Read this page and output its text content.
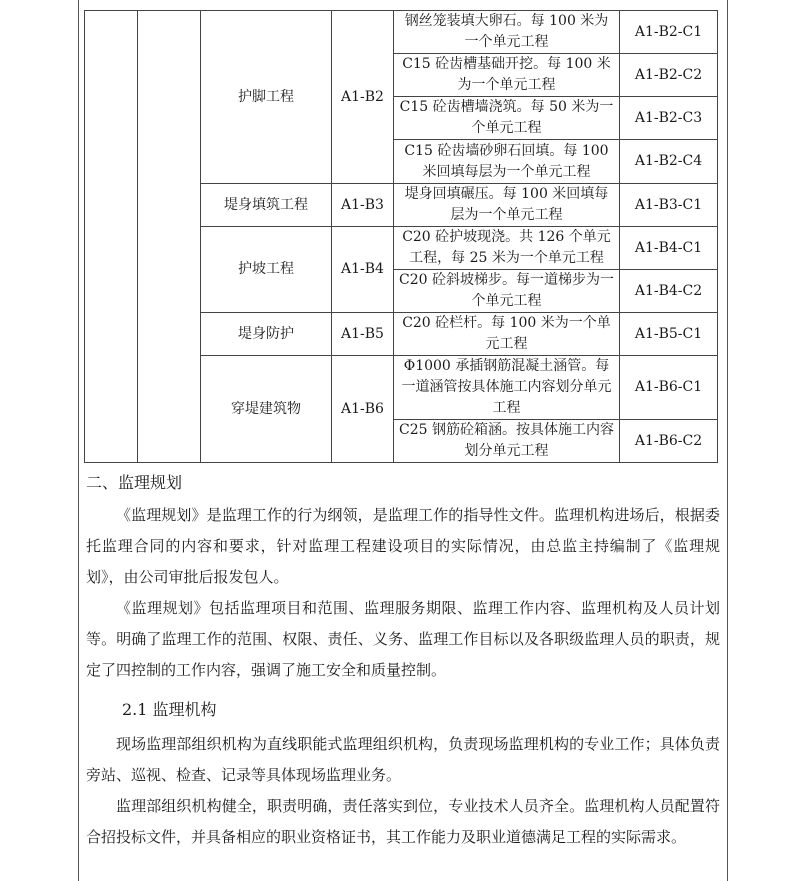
		护脚工程	A1-B2	钢丝笼装填大卵石。每 100 米为一个单元工程	A1-B2-C1
				C15 砼齿槽基础开挖。每 100 米为一个单元工程	A1-B2-C2
				C15 砼齿槽墙浇筑。每 50 米为一个单元工程	A1-B2-C3
				C15 砼齿墙砂卵石回填。每 100 米回填每层为一个单元工程	A1-B2-C4
		堤身填筑工程	A1-B3	堤身回填碾压。每 100 米回填每层为一个单元工程	A1-B3-C1
		护坡工程	A1-B4	C20 砼护坡现浇。共 126 个单元工程，每 25 米为一个单元工程	A1-B4-C1
				C20 砼斜坡梯步。每一道梯步为一个单元工程	A1-B4-C2
		堤身防护	A1-B5	C20 砼栏杆。每 100 米为一个单元工程	A1-B5-C1
		穿堤建筑物	A1-B6	Φ1000 承插钢筋混凝土涵管。每一道涵管按具体施工内容划分单元工程	A1-B6-C1
				C25 钢筋砼箱涵。按具体施工内容划分单元工程	A1-B6-C2
二、监理规划

《监理规划》是监理工作的行为纲领，是监理工作的指导性文件。监理机构进场后，根据委托监理合同的内容和要求，针对监理工程建设项目的实际情况，由总监主持编制了《监理规划》，由公司审批后报发包人。

《监理规划》包括监理项目和范围、监理服务期限、监理工作内容、监理机构及人员计划等。明确了监理工作的范围、权限、责任、义务、监理工作目标以及各职级监理人员的职责，规定了四控制的工作内容，强调了施工安全和质量控制。

2.1 监理机构

现场监理部组织机构为直线职能式监理组织机构，负责现场监理机构的专业工作；具体负责旁站、巡视、检查、记录等具体现场监理业务。

监理部组织机构健全，职责明确，责任落实到位，专业技术人员齐全。监理机构人员配置符合招投标文件，并具备相应的职业资格证书，其工作能力及职业道德满足工程的实际需求。
